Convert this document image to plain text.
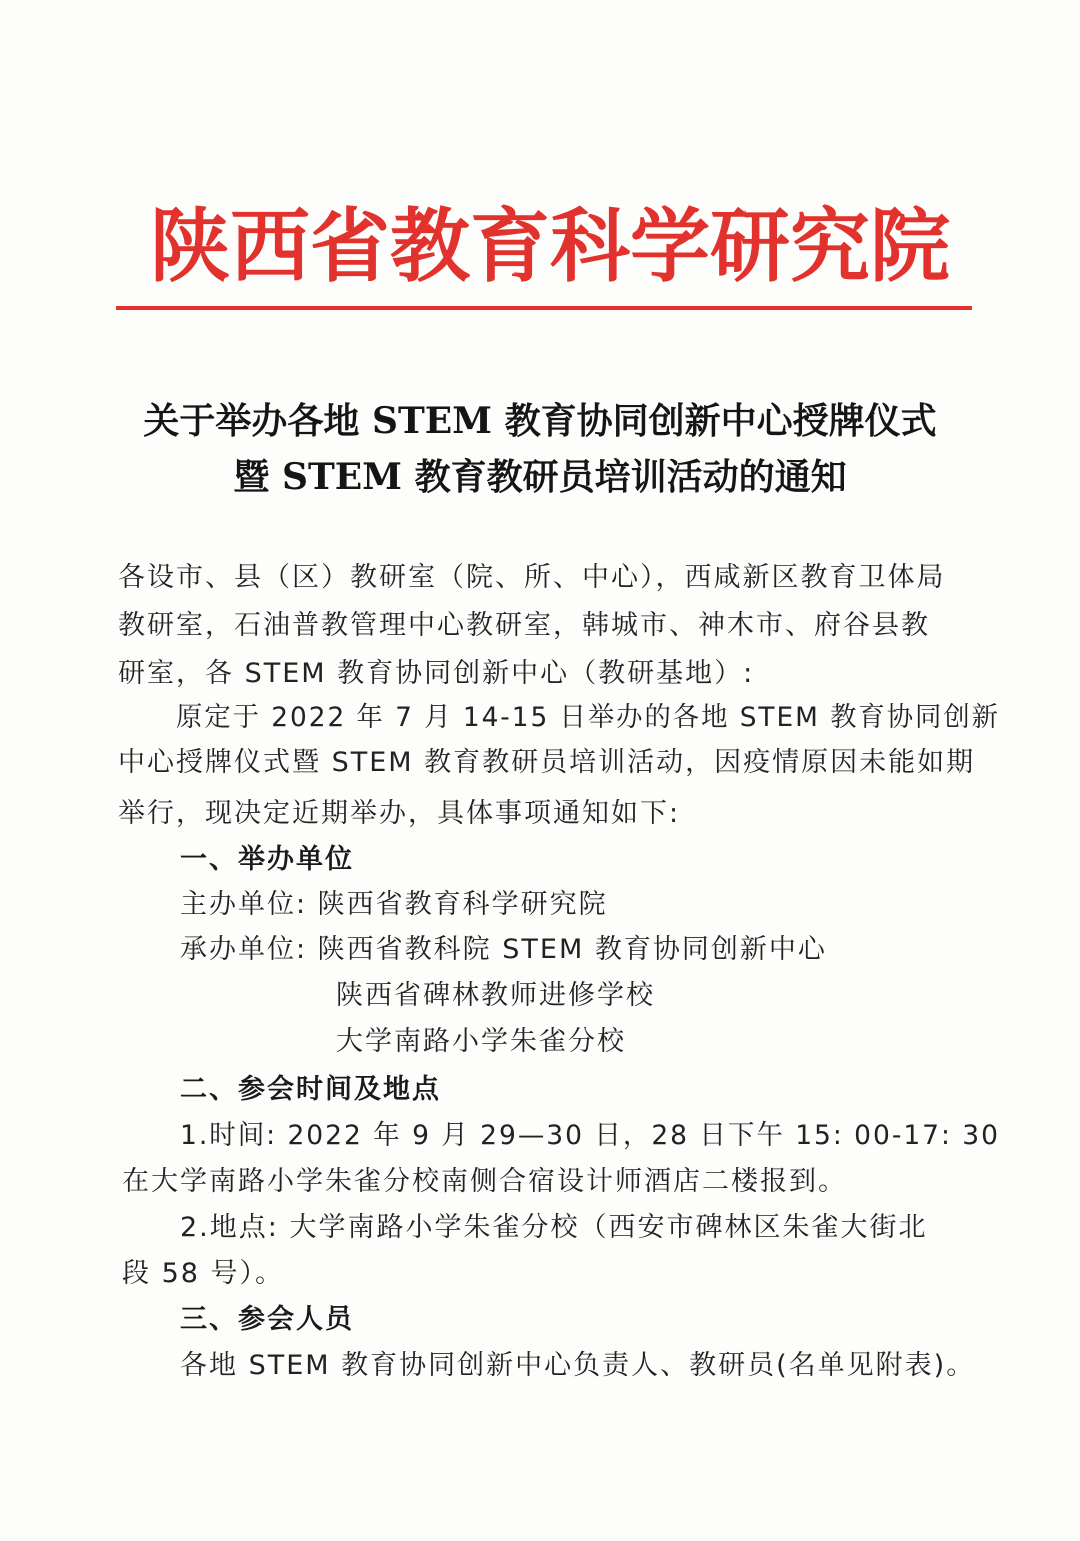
陕西省教育科学研究院
关于举办各地 STEM 教育协同创新中心授牌仪式
暨 STEM 教育教研员培训活动的通知
各设市、县（区）教研室（院、所、中心），西咸新区教育卫体局
教研室，石油普教管理中心教研室，韩城市、神木市、府谷县教
研室，各 STEM 教育协同创新中心（教研基地）:
原定于 2022 年 7 月 14-15 日举办的各地 STEM 教育协同创新
中心授牌仪式暨 STEM 教育教研员培训活动，因疫情原因未能如期
举行，现决定近期举办，具体事项通知如下:
一、举办单位
主办单位: 陕西省教育科学研究院
承办单位: 陕西省教科院 STEM 教育协同创新中心
陕西省碑林教师进修学校
大学南路小学朱雀分校
二、参会时间及地点
1.时间: 2022 年 9 月 29—30 日，28 日下午 15: 00-17: 30
在大学南路小学朱雀分校南侧合宿设计师酒店二楼报到。
2.地点: 大学南路小学朱雀分校（西安市碑林区朱雀大街北
段 58 号）。
三、参会人员
各地 STEM 教育协同创新中心负责人、教研员(名单见附表)。
